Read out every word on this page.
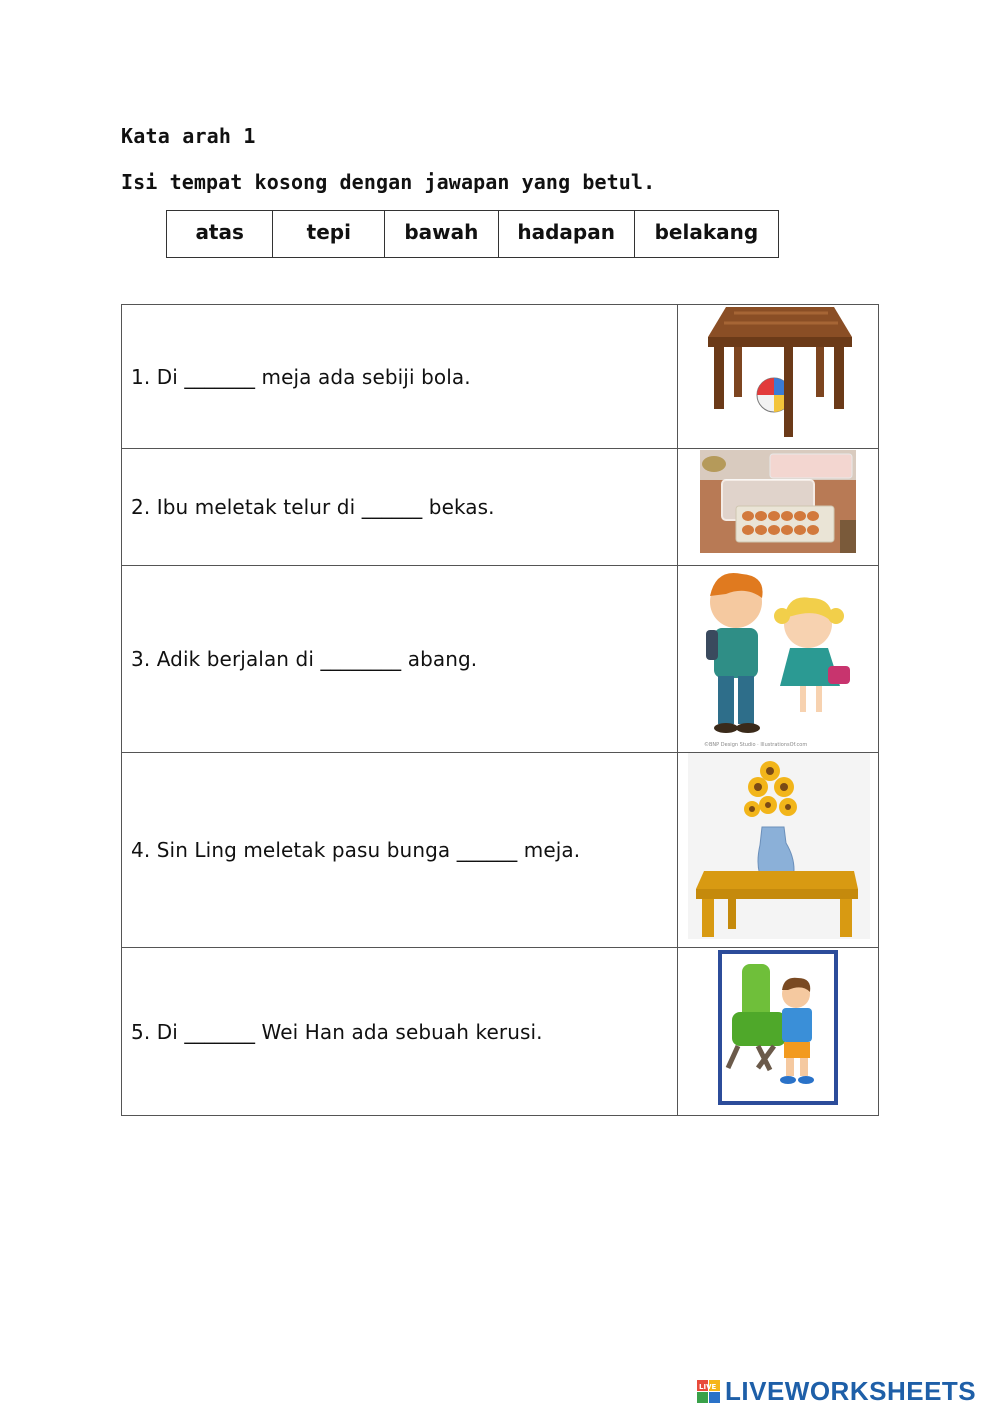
Kata arah 1
Isi tempat kosong dengan jawapan yang betul.
atas	tepi	bawah	hadapan	belakang
1. Di _______ meja ada sebiji bola.	

2. Ibu meletak telur di ______ bekas.	

3. Adik berjalan di ________ abang.	©BNP Design Studio · IllustrationsOf.com

4. Sin Ling meletak pasu bunga ______ meja.	

5. Di _______ Wei Han ada sebuah kerusi.	
LIVE LIVEWORKSHEETS
